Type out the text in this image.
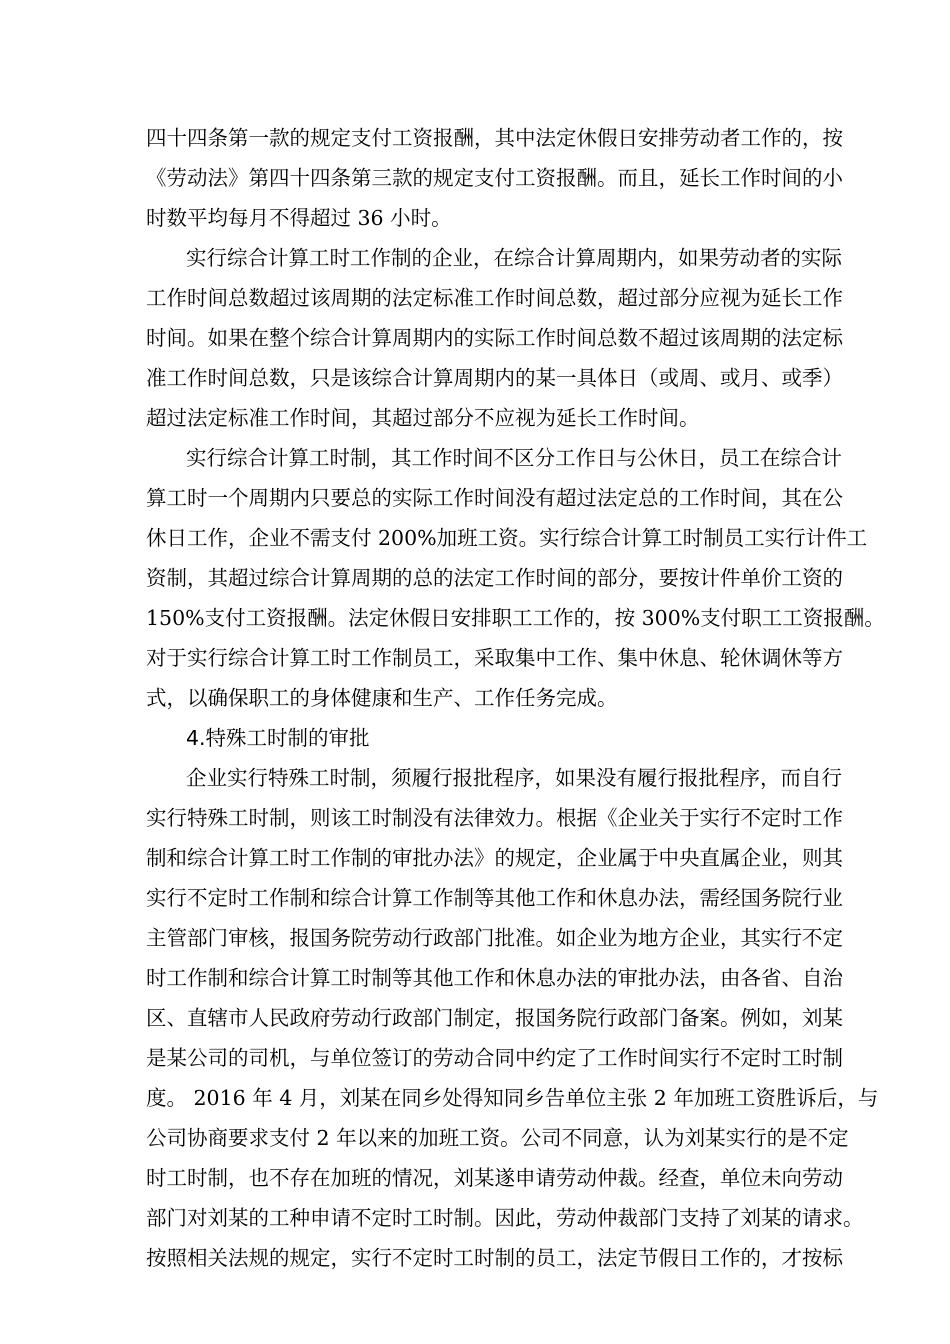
四十四条第一款的规定支付工资报酬，其中法定休假日安排劳动者工作的，按
《劳动法》第四十四条第三款的规定支付工资报酬。而且，延长工作时间的小
时数平均每月不得超过 36 小时。
实行综合计算工时工作制的企业，在综合计算周期内，如果劳动者的实际
工作时间总数超过该周期的法定标准工作时间总数，超过部分应视为延长工作
时间。如果在整个综合计算周期内的实际工作时间总数不超过该周期的法定标
准工作时间总数，只是该综合计算周期内的某一具体日（或周、或月、或季）
超过法定标准工作时间，其超过部分不应视为延长工作时间。
实行综合计算工时制，其工作时间不区分工作日与公休日，员工在综合计
算工时一个周期内只要总的实际工作时间没有超过法定总的工作时间，其在公
休日工作，企业不需支付 200%加班工资。实行综合计算工时制员工实行计件工
资制，其超过综合计算周期的总的法定工作时间的部分，要按计件单价工资的
150%支付工资报酬。法定休假日安排职工工作的，按 300%支付职工工资报酬。
对于实行综合计算工时工作制员工，采取集中工作、集中休息、轮休调休等方
式，以确保职工的身体健康和生产、工作任务完成。
4.特殊工时制的审批
企业实行特殊工时制，须履行报批程序，如果没有履行报批程序，而自行
实行特殊工时制，则该工时制没有法律效力。根据《企业关于实行不定时工作
制和综合计算工时工作制的审批办法》的规定，企业属于中央直属企业，则其
实行不定时工作制和综合计算工作制等其他工作和休息办法，需经国务院行业
主管部门审核，报国务院劳动行政部门批准。如企业为地方企业，其实行不定
时工作制和综合计算工时制等其他工作和休息办法的审批办法，由各省、自治
区、直辖市人民政府劳动行政部门制定，报国务院行政部门备案。例如，刘某
是某公司的司机，与单位签订的劳动合同中约定了工作时间实行不定时工时制
度。 2016 年 4 月，刘某在同乡处得知同乡告单位主张 2 年加班工资胜诉后，与
公司协商要求支付 2 年以来的加班工资。公司不同意，认为刘某实行的是不定
时工时制，也不存在加班的情况，刘某遂申请劳动仲裁。经查，单位未向劳动
部门对刘某的工种申请不定时工时制。因此，劳动仲裁部门支持了刘某的请求。
按照相关法规的规定，实行不定时工时制的员工，法定节假日工作的，才按标
